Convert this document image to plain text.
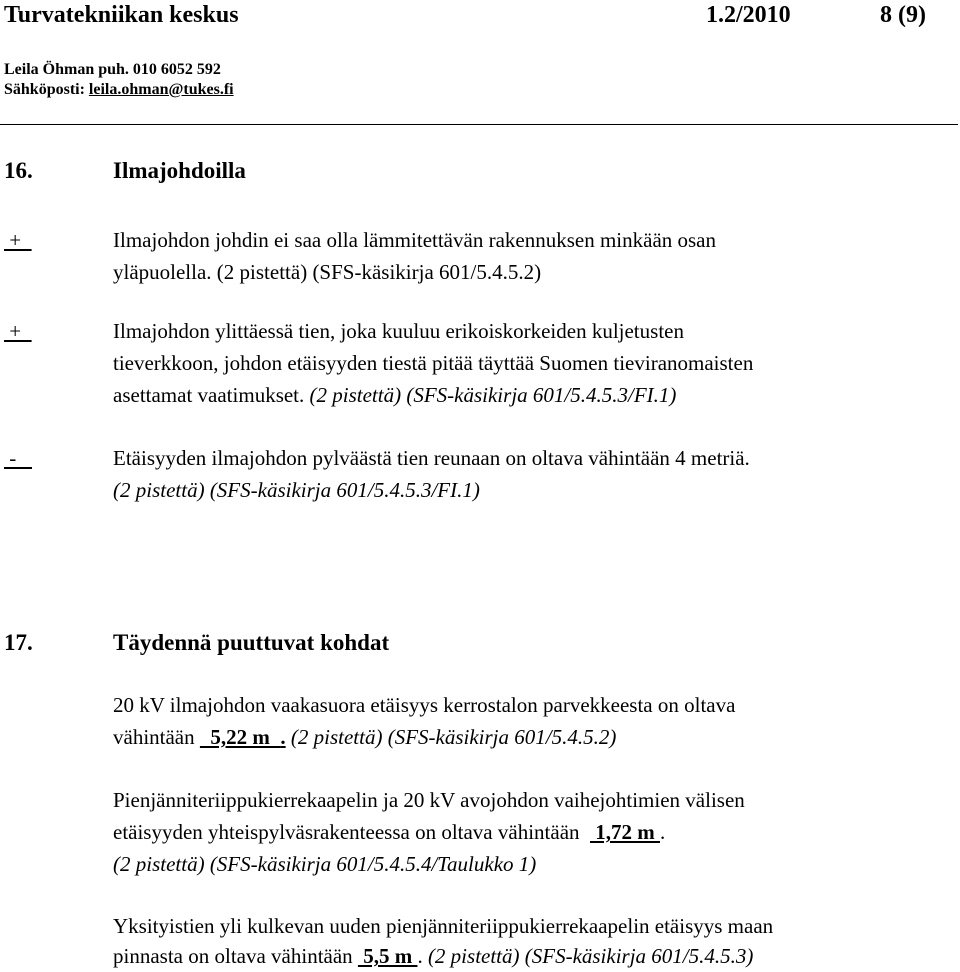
Turvatekniikan keskus	1.2/2010	8 (9)
Leila Öhman puh. 010 6052 592
Sähköposti: leila.ohman@tukes.fi
16.	Ilmajohdoilla
+	Ilmajohdon johdin ei saa olla lämmitettävän rakennuksen minkään osan
yläpuolella. (2 pistettä) (SFS-käsikirja 601/5.4.5.2)
+	Ilmajohdon ylittäessä tien, joka kuuluu erikoiskorkeiden kuljetusten
tieverkkoon, johdon etäisyyden tiestä pitää täyttää Suomen tieviranomaisten
asettamat vaatimukset. (2 pistettä) (SFS-käsikirja 601/5.4.5.3/FI.1)
-	Etäisyyden ilmajohdon pylväästä tien reunaan on oltava vähintään 4 metriä.
(2 pistettä) (SFS-käsikirja 601/5.4.5.3/FI.1)
17.	Täydennä puuttuvat kohdat
20 kV ilmajohdon vaakasuora etäisyys kerrostalon parvekkeesta on oltava
vähintään   5,22 m  . (2 pistettä) (SFS-käsikirja 601/5.4.5.2)
Pienjänniteriippukierrekaapelin ja 20 kV avojohdon vaihejohtimien välisen
etäisyyden yhteispylväsrakenteessa on oltava vähintään   1,72 m .
(2 pistettä) (SFS-käsikirja 601/5.4.5.4/Taulukko 1)
Yksityistien yli kulkevan uuden pienjänniteriippukierrekaapelin etäisyys maan
pinnasta on oltava vähintään  5,5 m . (2 pistettä) (SFS-käsikirja 601/5.4.5.3)
